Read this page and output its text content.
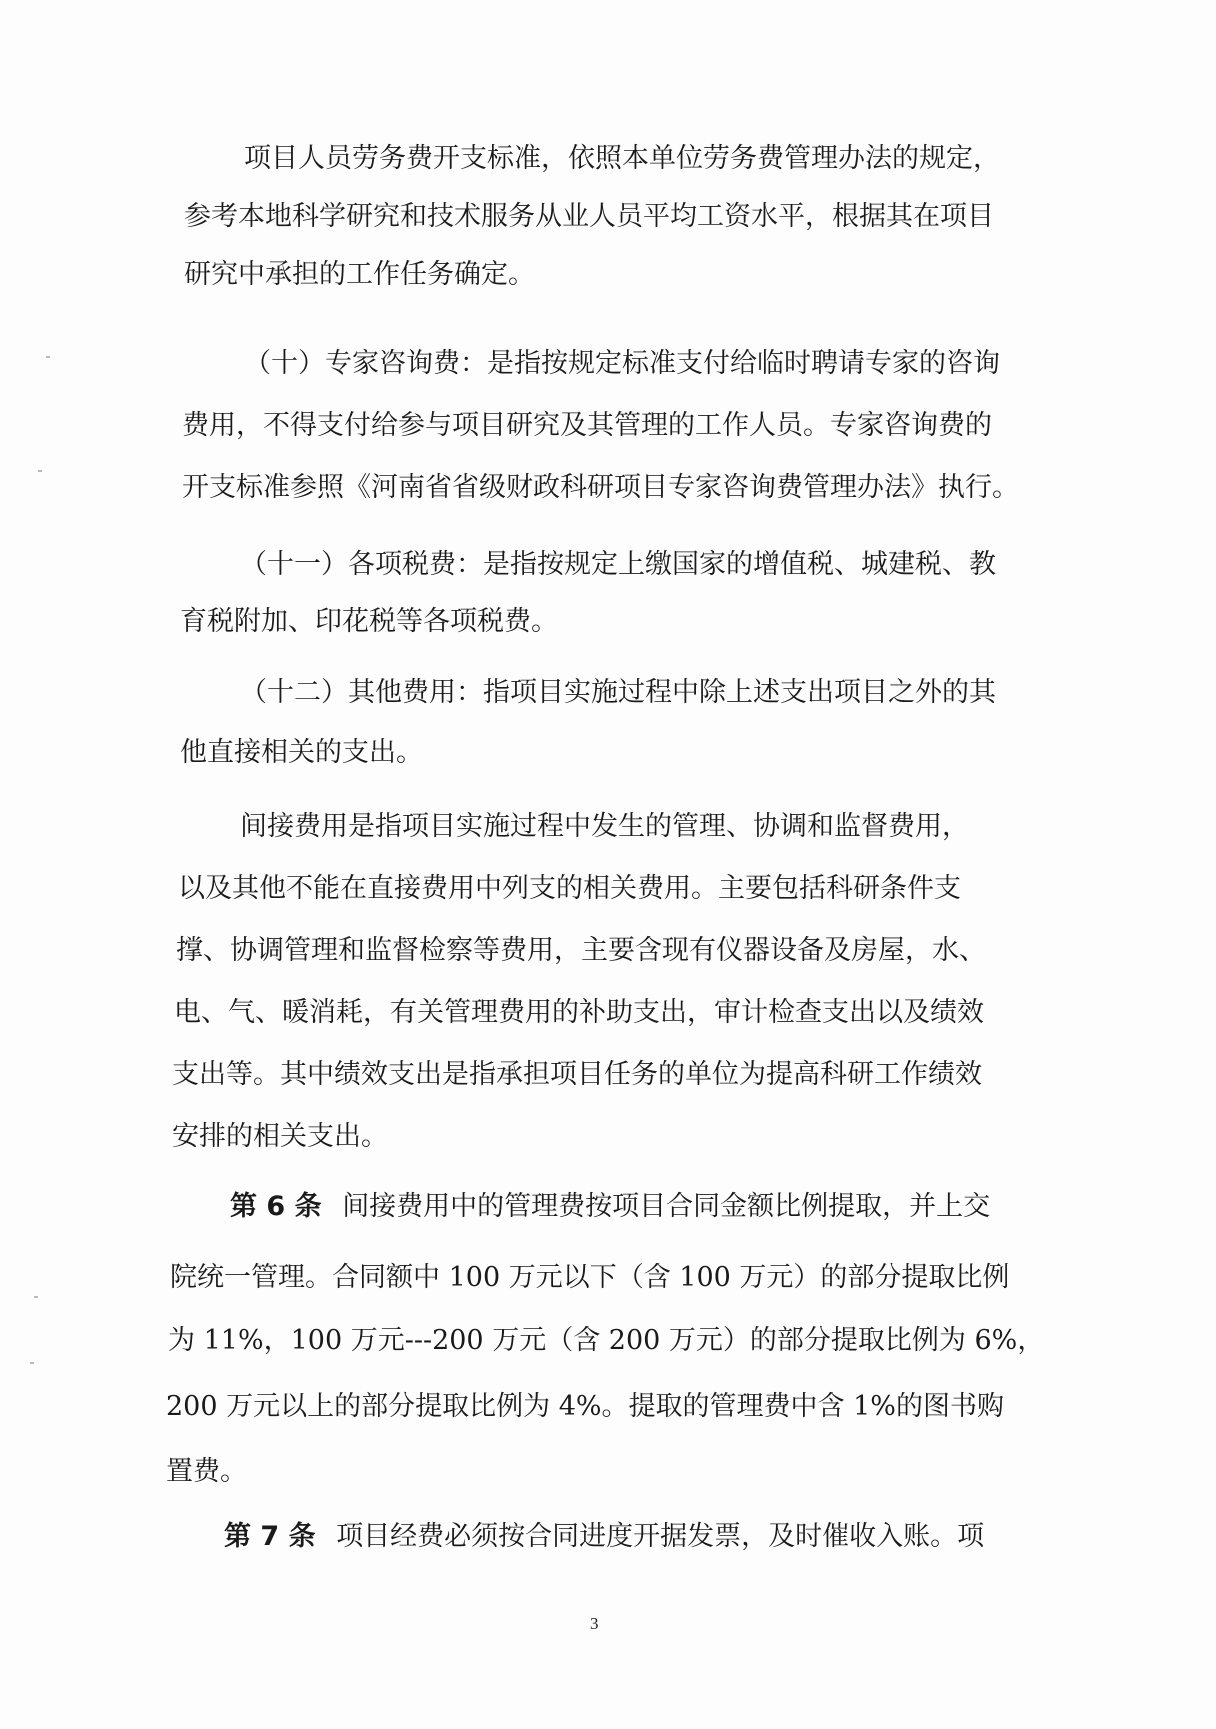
项目人员劳务费开支标准，依照本单位劳务费管理办法的规定，

参考本地科学研究和技术服务从业人员平均工资水平，根据其在项目

研究中承担的工作任务确定。

（十）专家咨询费：是指按规定标准支付给临时聘请专家的咨询

费用，不得支付给参与项目研究及其管理的工作人员。专家咨询费的

开支标准参照《河南省省级财政科研项目专家咨询费管理办法》执行。

（十一）各项税费：是指按规定上缴国家的增值税、城建税、教

育税附加、印花税等各项税费。

（十二）其他费用：指项目实施过程中除上述支出项目之外的其

他直接相关的支出。

间接费用是指项目实施过程中发生的管理、协调和监督费用，

以及其他不能在直接费用中列支的相关费用。主要包括科研条件支

撑、协调管理和监督检察等费用，主要含现有仪器设备及房屋，水、

电、气、暖消耗，有关管理费用的补助支出，审计检查支出以及绩效

支出等。其中绩效支出是指承担项目任务的单位为提高科研工作绩效

安排的相关支出。

第 6 条 间接费用中的管理费按项目合同金额比例提取，并上交

院统一管理。合同额中 100 万元以下（含 100 万元）的部分提取比例

为 11%，100 万元---200 万元（含 200 万元）的部分提取比例为 6%，

200 万元以上的部分提取比例为 4%。提取的管理费中含 1%的图书购

置费。

第 7 条 项目经费必须按合同进度开据发票，及时催收入账。项

3
